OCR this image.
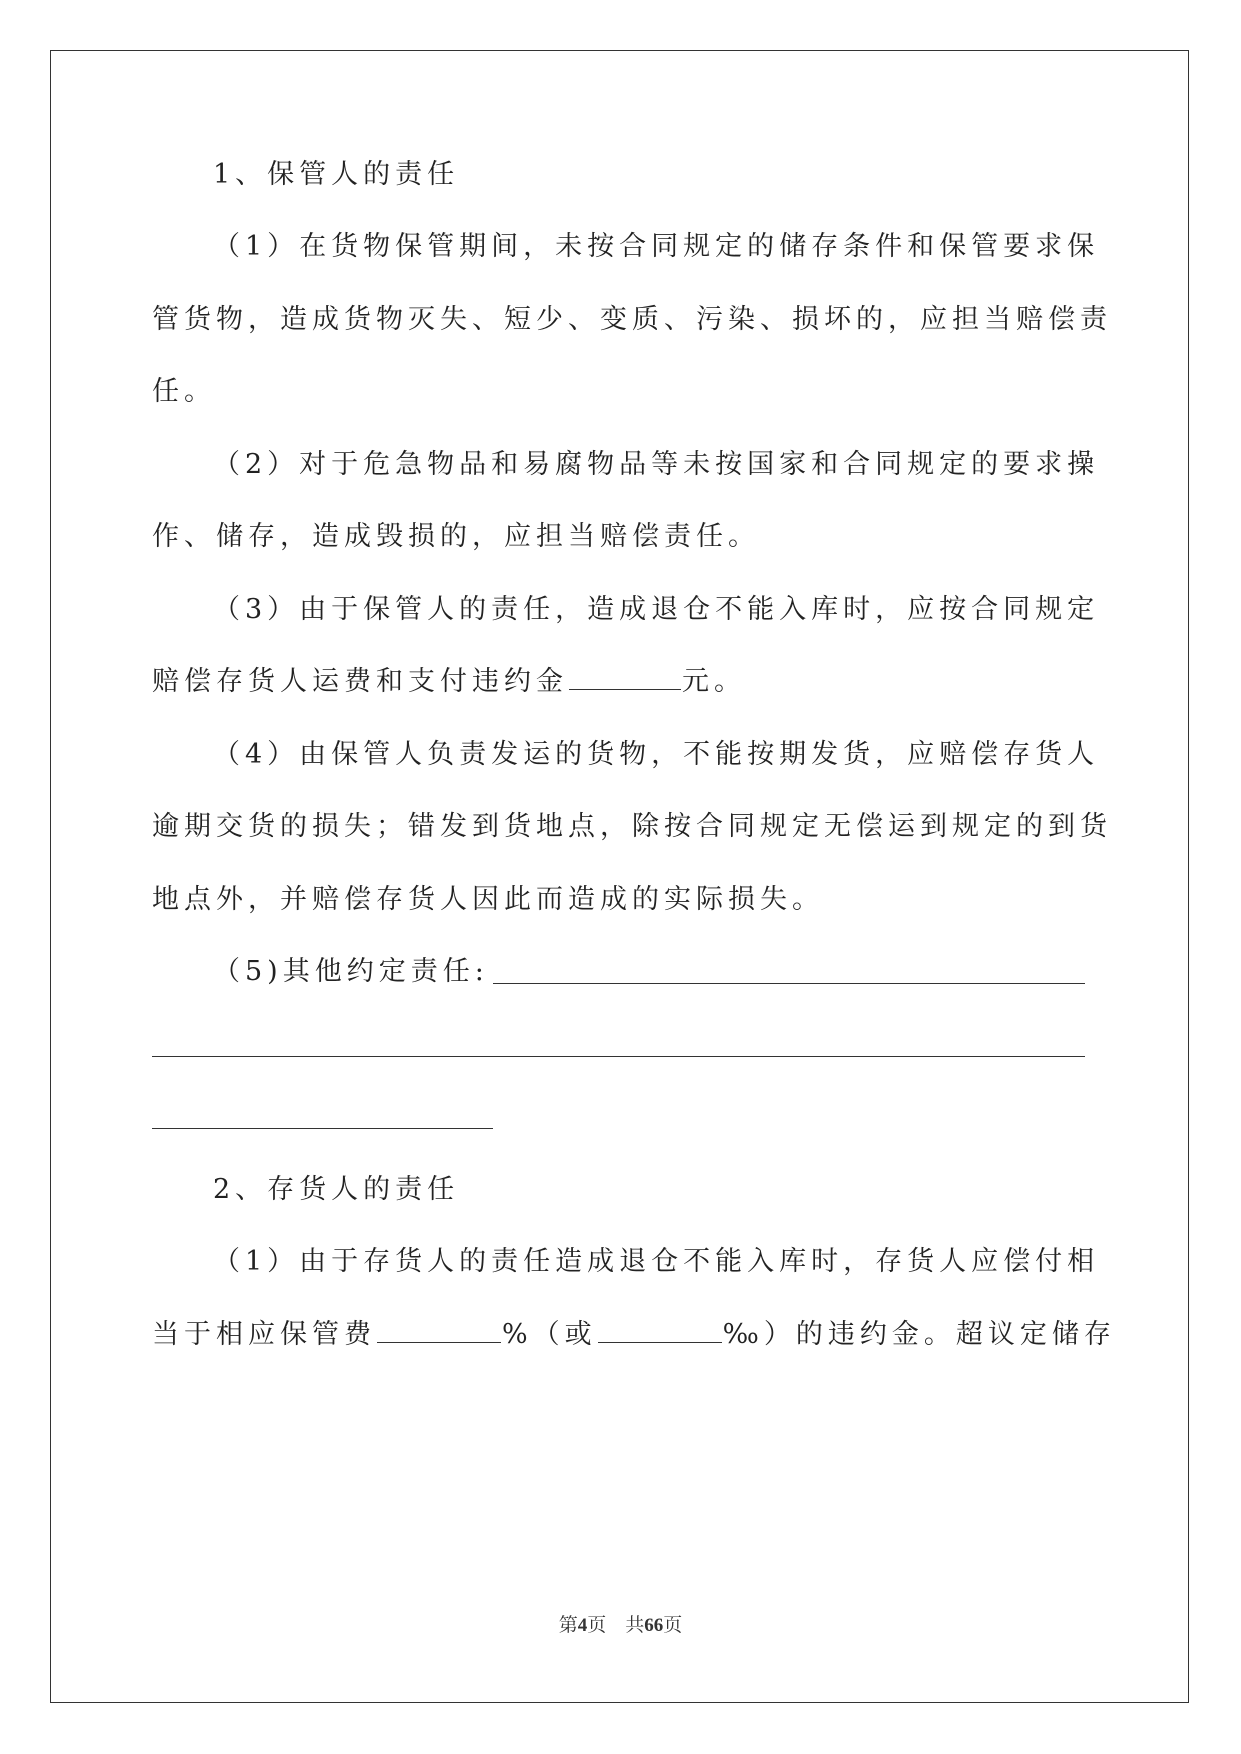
1、保管人的责任
（1）在货物保管期间，未按合同规定的储存条件和保管要求保
管货物，造成货物灭失、短少、变质、污染、损坏的，应担当赔偿责
任。
（2）对于危急物品和易腐物品等未按国家和合同规定的要求操
作、储存，造成毁损的，应担当赔偿责任。
（3）由于保管人的责任，造成退仓不能入库时，应按合同规定
赔偿存货人运费和支付违约金	元。
（4）由保管人负责发运的货物，不能按期发货，应赔偿存货人
逾期交货的损失；错发到货地点，除按合同规定无偿运到规定的到货
地点外，并赔偿存货人因此而造成的实际损失。
（5)其他约定责任:
2、存货人的责任
（1）由于存货人的责任造成退仓不能入库时，存货人应偿付相
当于相应保管费	%（或	‰）的违约金。超议定储存
第4页 共66页
